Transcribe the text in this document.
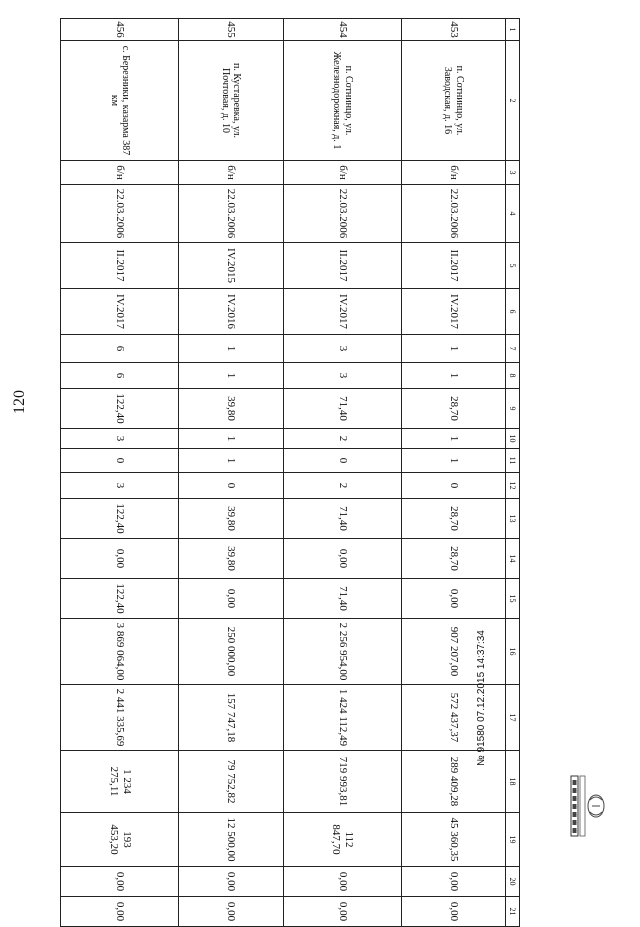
120
1	2	3	4	5	6	7	8	9	10	11	12	13	14	15	16	17	18	19	20	21
453	п. Сотнинцо, ул. Заводская, д. 16	б/н	22.03.2006	II.2017	IV.2017	1	1	28,70	1	1	0	28,70	28,70	0,00	907 207,00	572 437,37	289 409,28	45 360,35	0,00	0,00
454	п. Сотнинцо, ул. Железнодорожная, д. 1	б/н	22.03.2006	II.2017	IV.2017	3	3	71,40	2	0	2	71,40	0,00	71,40	2 256 954,00	1 424 112,49	719 993,81	112 847,70	0,00	0,00
455	п. Кустаревка, ул. Почтовая, д. 10	б/н	22.03.2006	IV.2015	IV.2016	1	1	39,80	1	1	0	39,80	39,80	0,00	250 000,00	157 747,18	79 752,82	12 500,00	0,00	0,00
456	с. Березники, казарма 387 км	б/н	22.03.2006	II.2017	IV.2017	6	6	122,40	3	0	3	122,40	0,00	122,40	3 869 064,00	2 441 335,69	1 234 275,11	193 453,20	0,00	0,00
№ 91580 07.12.2015 14:37:34
